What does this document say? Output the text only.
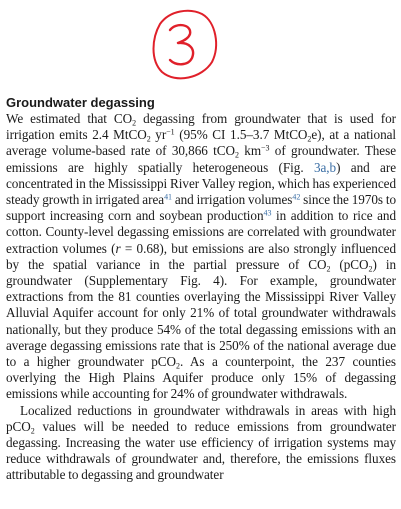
3
Groundwater degassing

We estimated that $CO_2$ degassing from groundwater that is used for irrigation emits 2.4 MtCO$_2$ $yr^{-1}$ (95% CI 1.5–3.7 MtCO$_2$e), at a national average volume-based rate of 30,866 tCO$_2$ $km^{-3}$ of groundwater. These emissions are highly spatially heterogeneous (Fig. 3a,b) and are concentrated in the Mississippi River Valley region, which has experienced steady growth in irrigated area$^{41}$ and irrigation volumes$^{42}$ since the 1970s to support increasing corn and soybean production$^{43}$ in addition to rice and cotton. County-level degassing emissions are correlated with groundwater extraction volumes (r = 0.68), but emissions are also strongly influenced by the spatial variance in the partial pressure of $CO_2$ (pCO$_2$) in groundwater (Supplementary Fig. 4). For example, groundwater extractions from the 81 counties overlaying the Mississippi River Valley Alluvial Aquifer account for only 21% of total groundwater withdrawals nationally, but they produce 54% of the total degassing emissions with an average degassing emissions rate that is 250% of the national average due to a higher groundwater pCO$_2$. As a counterpoint, the 237 counties overlying the High Plains Aquifer produce only 15% of degassing emissions while accounting for 24% of groundwater withdrawals.

Localized reductions in groundwater withdrawals in areas with high pCO$_2$ values will be needed to reduce emissions from groundwater degassing. Increasing the water use efficiency of irrigation systems may reduce withdrawals of groundwater and, therefore, the emissions fluxes attributable to degassing and groundwater
